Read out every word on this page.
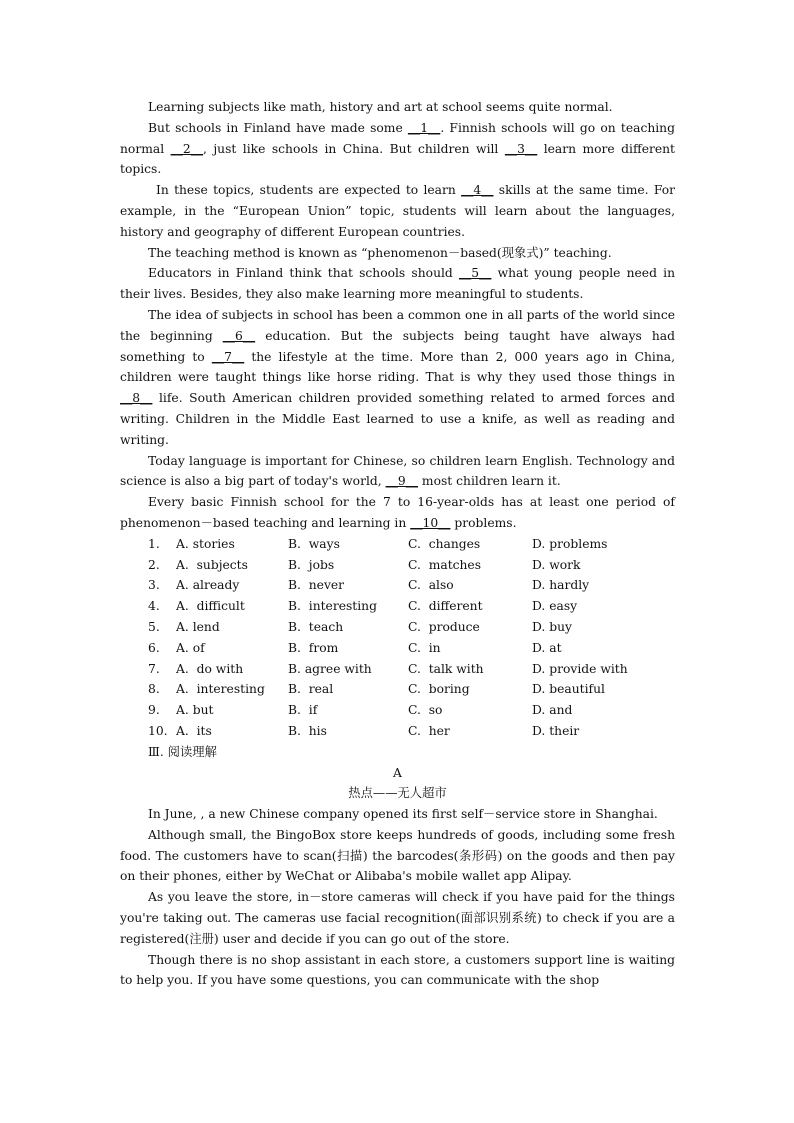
Learning subjects like math, history and art at school seems quite normal.

But schools in Finland have made some __1__. Finnish schools will go on teaching normal __2__, just like schools in China. But children will __3__ learn more different topics.

In these topics, students are expected to learn __4__ skills at the same time. For example, in the “European Union” topic, students will learn about the languages, history and geography of different European countries.

The teaching method is known as “phenomenon－based(现象式)” teaching.

Educators in Finland think that schools should __5__ what young people need in their lives. Besides, they also make learning more meaningful to students.

The idea of subjects in school has been a common one in all parts of the world since the beginning __6__ education. But the subjects being taught have always had something to __7__ the lifestyle at the time. More than 2, 000 years ago in China, children were taught things like horse riding. That is why they used those things in __8__ life. South American children provided something related to armed forces and writing. Children in the Middle East learned to use a knife, as well as reading and writing.

Today language is important for Chinese, so children learn English. Technology and science is also a big part of today's world, __9__ most children learn it.

Every basic Finnish school for the 7 to 16-year-olds has at least one period of phenomenon－based teaching and learning in __10__ problems.

1.	A. stories	B.  ways	C.  changes	D. problems
2.	A.  subjects	B.  jobs	C.  matches	D. work
3.	A. already	B.  never	C.  also	D. hardly
4.	A.  difficult	B.  interesting	C.  different	D. easy
5.	A. lend	B.  teach	C.  produce	D. buy
6.	A. of	B.  from	C.  in	D. at
7.	A.  do with	B. agree with	C.  talk with	D. provide with
8.	A.  interesting	B.  real	C.  boring	D. beautiful
9.	A. but	B.  if	C.  so	D. and
10. A.  its	B.  his	C.  her	D. their
Ⅲ. 阅读理解
A
热点——无人超市

In June, , a new Chinese company opened its first self－service store in Shanghai.

Although small, the BingoBox store keeps hundreds of goods, including some fresh food. The customers have to scan(扫描) the barcodes(条形码) on the goods and then pay on their phones, either by WeChat or Alibaba's mobile wallet app Alipay.

As you leave the store, in－store cameras will check if you have paid for the things you're taking out. The cameras use facial recognition(面部识别系统) to check if you are a registered(注册) user and decide if you can go out of the store.

Though there is no shop assistant in each store, a customers support line is waiting to help you. If you have some questions, you can communicate with the shop
